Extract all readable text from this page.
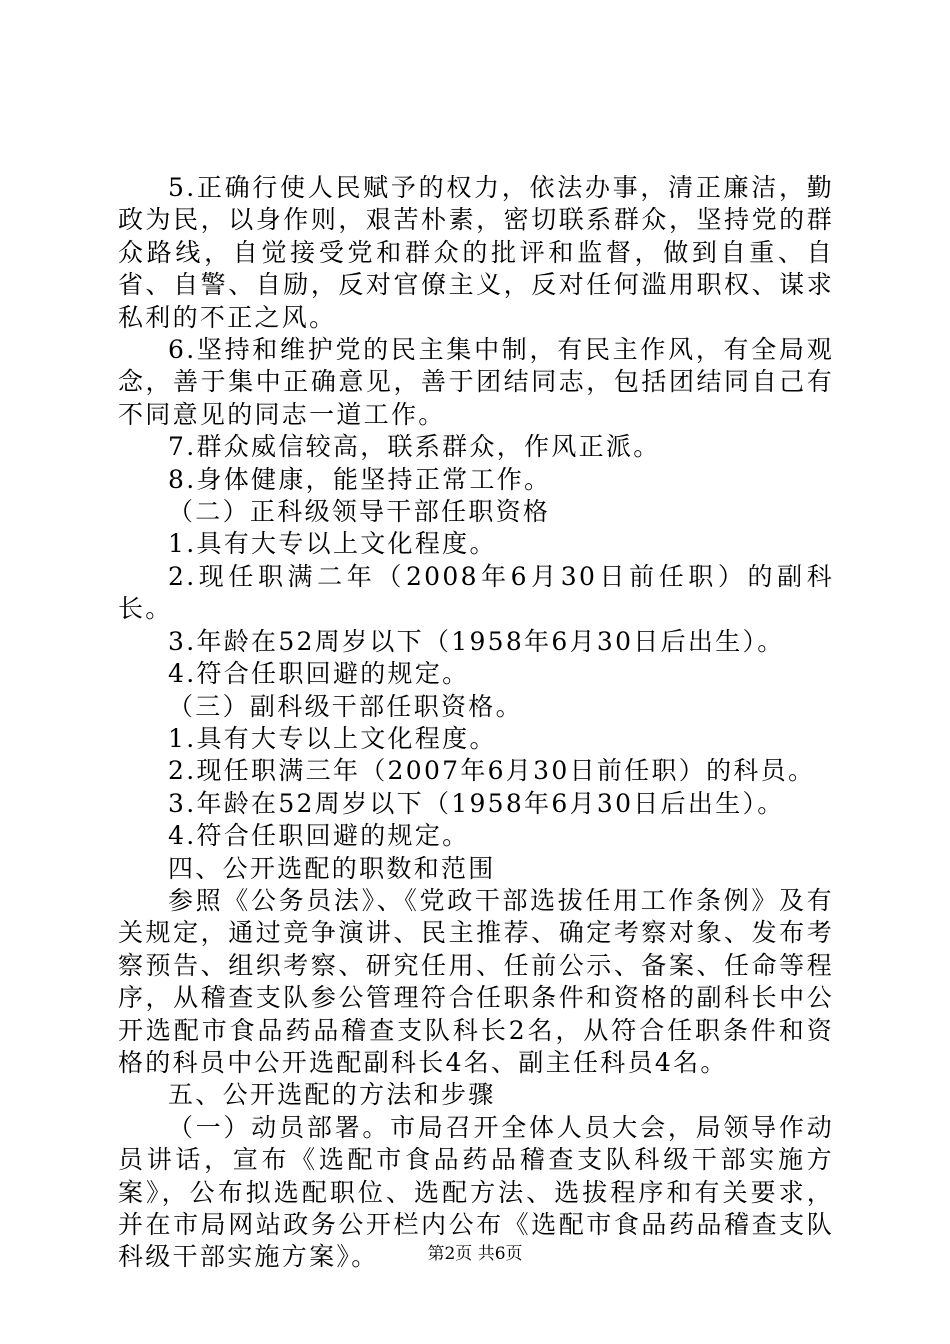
5.正确行使人民赋予的权力，依法办事，清正廉洁，勤政为民，以身作则，艰苦朴素，密切联系群众，坚持党的群众路线，自觉接受党和群众的批评和监督，做到自重、自省、自警、自励，反对官僚主义，反对任何滥用职权、谋求私利的不正之风。

6.坚持和维护党的民主集中制，有民主作风，有全局观念，善于集中正确意见，善于团结同志，包括团结同自己有不同意见的同志一道工作。

7.群众威信较高，联系群众，作风正派。

8.身体健康，能坚持正常工作。

（二）正科级领导干部任职资格

1.具有大专以上文化程度。

2.现任职满二年（2008年6月30日前任职）的副科长。

3.年龄在52周岁以下（1958年6月30日后出生）。

4.符合任职回避的规定。

（三）副科级干部任职资格。

1.具有大专以上文化程度。

2.现任职满三年（2007年6月30日前任职）的科员。

3.年龄在52周岁以下（1958年6月30日后出生）。

4.符合任职回避的规定。

四、公开选配的职数和范围

参照《公务员法》、《党政干部选拔任用工作条例》及有关规定，通过竞争演讲、民主推荐、确定考察对象、发布考察预告、组织考察、研究任用、任前公示、备案、任命等程序，从稽查支队参公管理符合任职条件和资格的副科长中公开选配市食品药品稽查支队科长2名，从符合任职条件和资格的科员中公开选配副科长4名、副主任科员4名。

五、公开选配的方法和步骤

（一）动员部署。市局召开全体人员大会，局领导作动员讲话，宣布《选配市食品药品稽查支队科级干部实施方案》，公布拟选配职位、选配方法、选拔程序和有关要求，并在市局网站政务公开栏内公布《选配市食品药品稽查支队科级干部实施方案》。	第2页 共6页
